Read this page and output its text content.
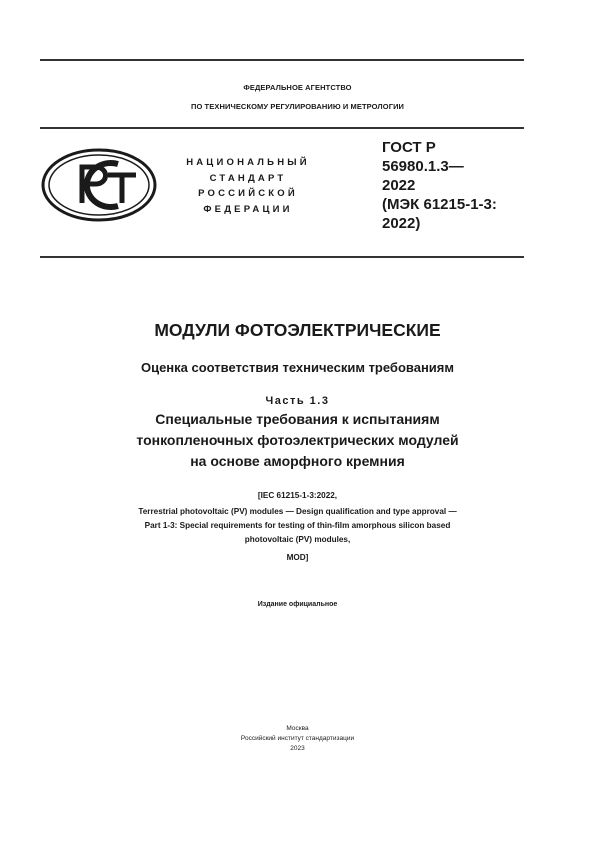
ФЕДЕРАЛЬНОЕ АГЕНТСТВО
ПО ТЕХНИЧЕСКОМУ РЕГУЛИРОВАНИЮ И МЕТРОЛОГИИ
НАЦИОНАЛЬНЫЙ
СТАНДАРТ
РОССИЙСКОЙ
ФЕДЕРАЦИИ
ГОСТ Р
56980.1.3—
2022
(МЭК 61215-1-3:
2022)
МОДУЛИ ФОТОЭЛЕКТРИЧЕСКИЕ
Оценка соответствия техническим требованиям
Часть 1.3
Специальные требования к испытаниям
тонкопленочных фотоэлектрических модулей
на основе аморфного кремния
[IEC 61215-1-3:2022,
Terrestrial photovoltaic (PV) modules — Design qualification and type approval —
Part 1-3: Special requirements for testing of thin-film amorphous silicon based
photovoltaic (PV) modules,
MOD]
Издание официальное
Москва
Российский институт стандартизации
2023
